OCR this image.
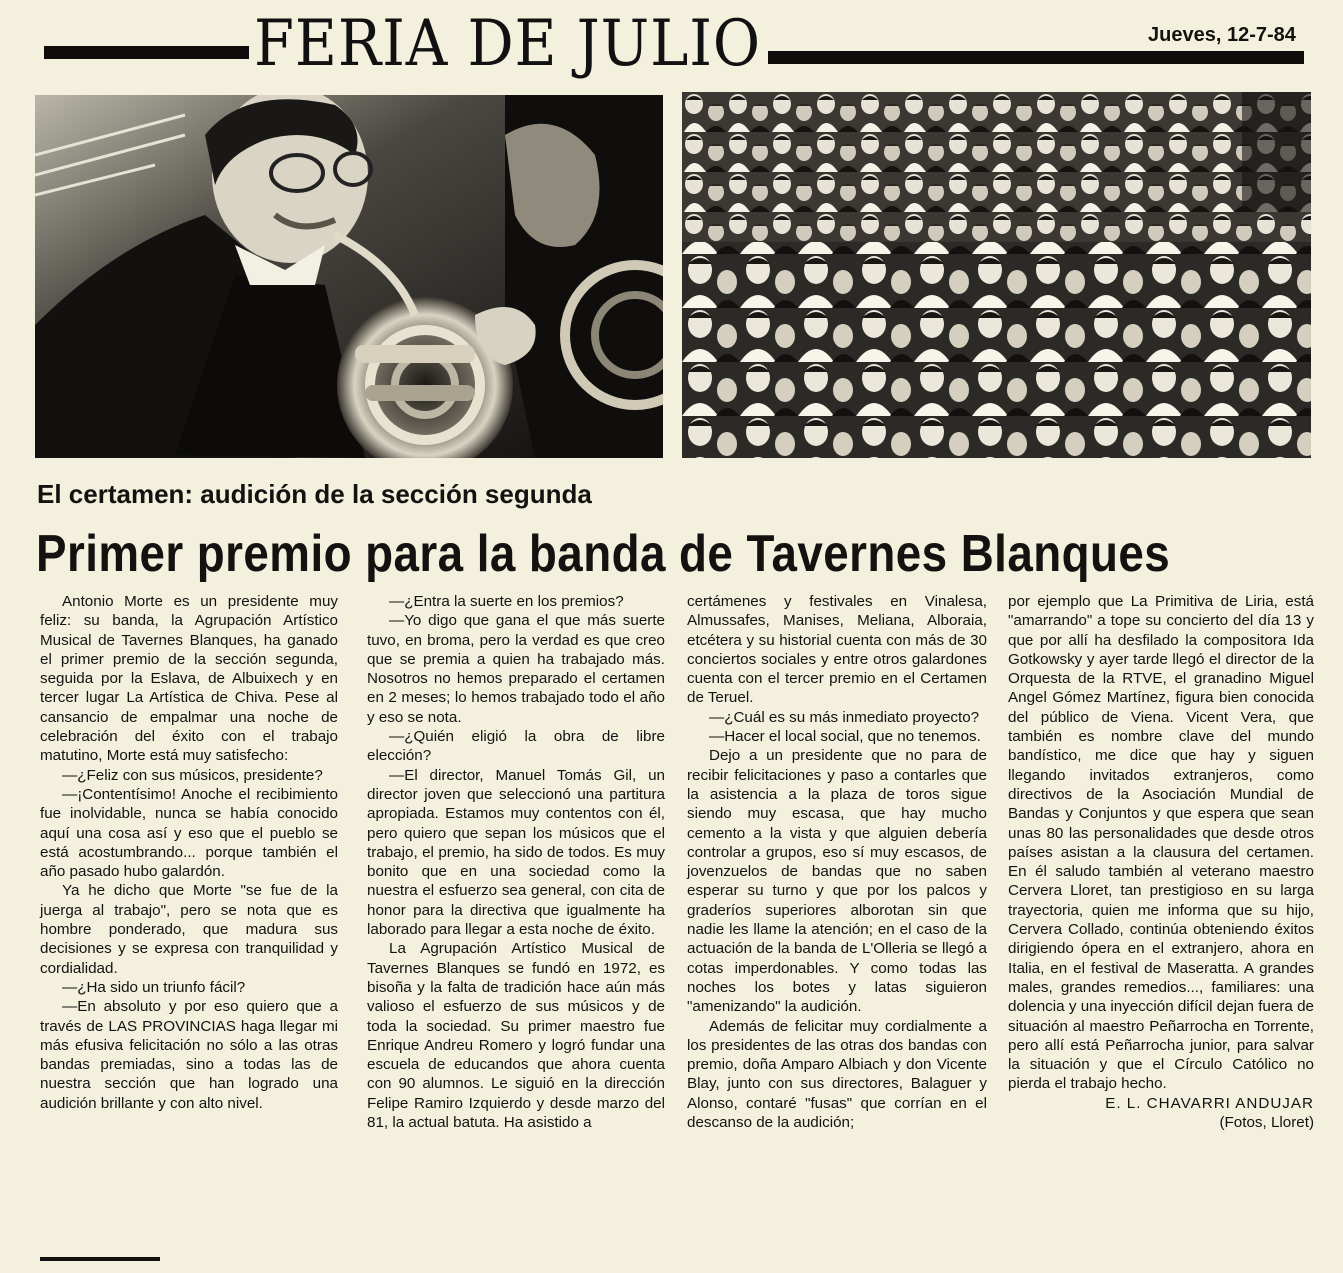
FERIA DE JULIO	Jueves, 12-7-84
El certamen: audición de la sección segunda
Primer premio para la banda de Tavernes Blanques

Antonio Morte es un presidente muy feliz: su banda, la Agrupación Artístico Musical de Tavernes Blanques, ha ganado el primer premio de la sección segunda, seguida por la Eslava, de Albuixech y en tercer lugar La Artística de Chiva. Pese al cansancio de empalmar una noche de celebración del éxito con el trabajo matutino, Morte está muy satisfecho:

—¿Feliz con sus músicos, presidente?

—¡Contentísimo! Anoche el recibimiento fue inolvidable, nunca se había conocido aquí una cosa así y eso que el pueblo se está acostumbrando... porque también el año pasado hubo galardón.

Ya he dicho que Morte "se fue de la juerga al trabajo", pero se nota que es hombre ponderado, que madura sus decisiones y se expresa con tranquilidad y cordialidad.

—¿Ha sido un triunfo fácil?

—En absoluto y por eso quiero que a través de LAS PROVINCIAS haga llegar mi más efusiva felicitación no sólo a las otras bandas premiadas, sino a todas las de nuestra sección que han logrado una audición brillante y con alto nivel.

—¿Entra la suerte en los premios?

—Yo digo que gana el que más suerte tuvo, en broma, pero la verdad es que creo que se premia a quien ha trabajado más. Nosotros no hemos preparado el certamen en 2 meses; lo hemos trabajado todo el año y eso se nota.

—¿Quién eligió la obra de libre elección?

—El director, Manuel Tomás Gil, un director joven que seleccionó una partitura apropiada. Estamos muy contentos con él, pero quiero que sepan los músicos que el trabajo, el premio, ha sido de todos. Es muy bonito que en una sociedad como la nuestra el esfuerzo sea general, con cita de honor para la directiva que igualmente ha laborado para llegar a esta noche de éxito.

La Agrupación Artístico Musical de Tavernes Blanques se fundó en 1972, es bisoña y la falta de tradición hace aún más valioso el esfuerzo de sus músicos y de toda la sociedad. Su primer maestro fue Enrique Andreu Romero y logró fundar una escuela de educandos que ahora cuenta con 90 alumnos. Le siguió en la dirección Felipe Ramiro Izquierdo y desde marzo del 81, la actual batuta. Ha asistido a

certámenes y festivales en Vinalesa, Almussafes, Manises, Meliana, Alboraia, etcétera y su historial cuenta con más de 30 conciertos sociales y entre otros galardones cuenta con el tercer premio en el Certamen de Teruel.

—¿Cuál es su más inmediato proyecto?

—Hacer el local social, que no tenemos.

Dejo a un presidente que no para de recibir felicitaciones y paso a contarles que la asistencia a la plaza de toros sigue siendo muy escasa, que hay mucho cemento a la vista y que alguien debería controlar a grupos, eso sí muy escasos, de jovenzuelos de bandas que no saben esperar su turno y que por los palcos y graderíos superiores alborotan sin que nadie les llame la atención; en el caso de la actuación de la banda de L'Olleria se llegó a cotas imperdonables. Y como todas las noches los botes y latas siguieron "amenizando" la audición.

Además de felicitar muy cordialmente a los presidentes de las otras dos bandas con premio, doña Amparo Albiach y don Vicente Blay, junto con sus directores, Balaguer y Alonso, contaré "fusas" que corrían en el descanso de la audición;

por ejemplo que La Primitiva de Liria, está "amarrando" a tope su concierto del día 13 y que por allí ha desfilado la compositora Ida Gotkowsky y ayer tarde llegó el director de la Orquesta de la RTVE, el granadino Miguel Angel Gómez Martínez, figura bien conocida del público de Viena. Vicent Vera, que también es nombre clave del mundo bandístico, me dice que hay y siguen llegando invitados extranjeros, como directivos de la Asociación Mundial de Bandas y Conjuntos y que espera que sean unas 80 las personalidades que desde otros países asistan a la clausura del certamen. En él saludo también al veterano maestro Cervera Lloret, tan prestigioso en su larga trayectoria, quien me informa que su hijo, Cervera Collado, continúa obteniendo éxitos dirigiendo ópera en el extranjero, ahora en Italia, en el festival de Maseratta. A grandes males, grandes remedios..., familiares: una dolencia y una inyección difícil dejan fuera de situación al maestro Peñarrocha en Torrente, pero allí está Peñarrocha junior, para salvar la situación y que el Círculo Católico no pierda el trabajo hecho.

E. L. CHAVARRI ANDUJAR
(Fotos, Lloret)
